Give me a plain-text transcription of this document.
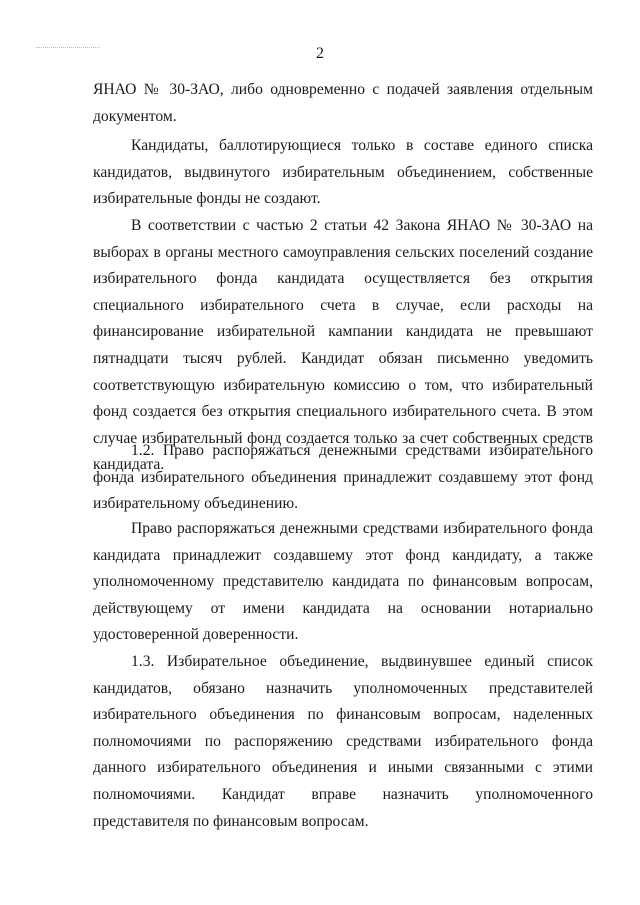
2

ЯНАО № 30-ЗАО, либо одновременно с подачей заявления отдельным документом.

Кандидаты, баллотирующиеся только в составе единого списка кандидатов, выдвинутого избирательным объединением, собственные избирательные фонды не создают.

В соответствии с частью 2 статьи 42 Закона ЯНАО № 30-ЗАО на выборах в органы местного самоуправления сельских поселений создание избирательного фонда кандидата осуществляется без открытия специального избирательного счета в случае, если расходы на финансирование избирательной кампании кандидата не превышают пятнадцати тысяч рублей. Кандидат обязан письменно уведомить соответствующую избирательную комиссию о том, что избирательный фонд создается без открытия специального избирательного счета. В этом случае избирательный фонд создается только за счет собственных средств кандидата.

1.2. Право распоряжаться денежными средствами избирательного фонда избирательного объединения принадлежит создавшему этот фонд избирательному объединению.

Право распоряжаться денежными средствами избирательного фонда кандидата принадлежит создавшему этот фонд кандидату, а также уполномоченному представителю кандидата по финансовым вопросам, действующему от имени кандидата на основании нотариально удостоверенной доверенности.

1.3. Избирательное объединение, выдвинувшее единый список кандидатов, обязано назначить уполномоченных представителей избирательного объединения по финансовым вопросам, наделенных полномочиями по распоряжению средствами избирательного фонда данного избирательного объединения и иными связанными с этими полномочиями. Кандидат вправе назначить уполномоченного представителя по финансовым вопросам.
